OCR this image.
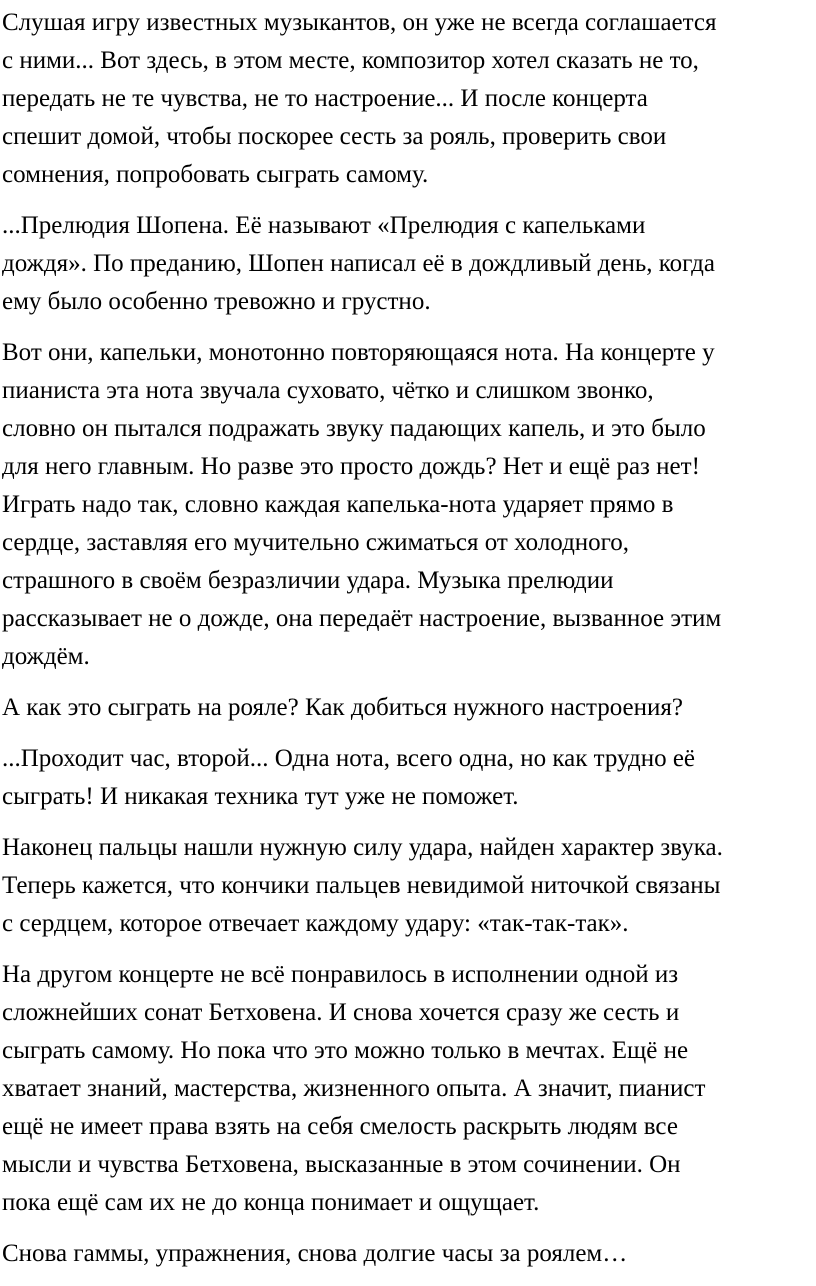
Слушая игру известных музыкантов, он уже не всегда соглашается
с ними... Вот здесь, в этом месте, композитор хотел сказать не то,
передать не те чувства, не то настроение... И после концерта
спешит домой, чтобы поскорее сесть за рояль, проверить свои
сомнения, попробовать сыграть самому.

...Прелюдия Шопена. Её называют «Прелюдия с капельками
дождя». По преданию, Шопен написал её в дождливый день, когда
ему было особенно тревожно и грустно.

Вот они, капельки, монотонно повторяющаяся нота. На концерте у
пианиста эта нота звучала суховато, чётко и слишком звонко,
словно он пытался подражать звуку падающих капель, и это было
для него главным. Но разве это просто дождь? Нет и ещё раз нет!
Играть надо так, словно каждая капелька-нота ударяет прямо в
сердце, заставляя его мучительно сжиматься от холодного,
страшного в своём безразличии удара. Музыка прелюдии
рассказывает не о дожде, она передаёт настроение, вызванное этим
дождём.

А как это сыграть на рояле? Как добиться нужного настроения?

...Проходит час, второй... Одна нота, всего одна, но как трудно её
сыграть! И никакая техника тут уже не поможет.

Наконец пальцы нашли нужную силу удара, найден характер звука.
Теперь кажется, что кончики пальцев невидимой ниточкой связаны
с сердцем, которое отвечает каждому удару: «так-так-так».

На другом концерте не всё понравилось в исполнении одной из
сложнейших сонат Бетховена. И снова хочется сразу же сесть и
сыграть самому. Но пока что это можно только в мечтах. Ещё не
хватает знаний, мастерства, жизненного опыта. А значит, пианист
ещё не имеет права взять на себя смелость раскрыть людям все
мысли и чувства Бетховена, высказанные в этом сочинении. Он
пока ещё сам их не до конца понимает и ощущает.

Снова гаммы, упражнения, снова долгие часы за роялем…
